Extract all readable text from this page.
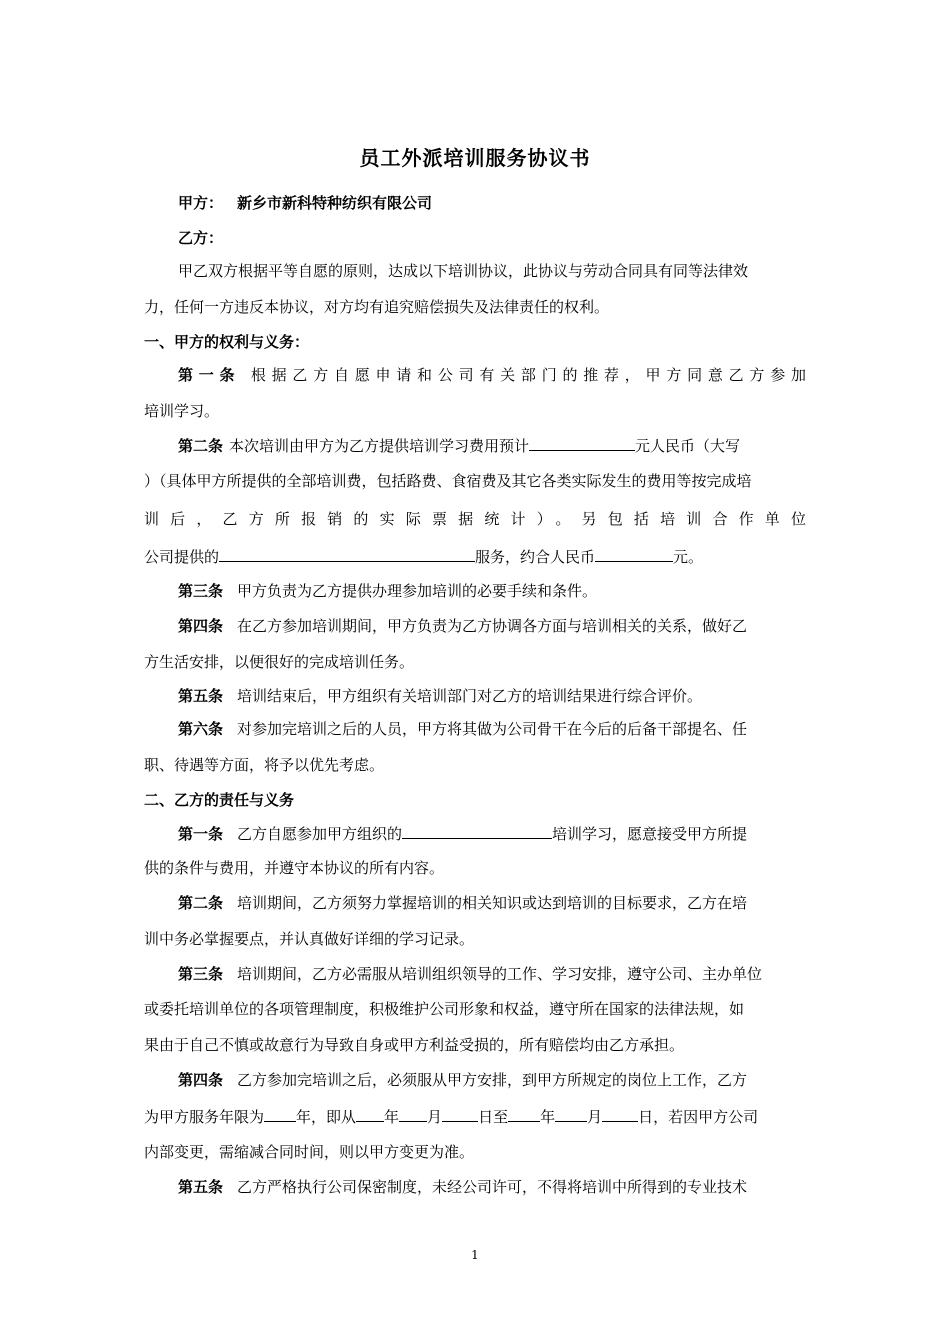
员工外派培训服务协议书
甲方： 新乡市新科特种纺织有限公司
乙方：
甲乙双方根据平等自愿的原则，达成以下培训协议，此协议与劳动合同具有同等法律效
力，任何一方违反本协议，对方均有追究赔偿损失及法律责任的权利。
一、甲方的权利与义务：
第一条 根据乙方自愿申请和公司有关部门的推荐，甲方同意乙方参加
培训学习。
第二条 本次培训由甲方为乙方提供培训学习费用预计	元人民币（大写
）（具体甲方所提供的全部培训费，包括路费、食宿费及其它各类实际发生的费用等按完成培
训后，乙方所报销的实际票据统计）。另包括培训合作单位
公司提供的	服务，约合人民币	元。
第三条 甲方负责为乙方提供办理参加培训的必要手续和条件。
第四条 在乙方参加培训期间，甲方负责为乙方协调各方面与培训相关的关系，做好乙
方生活安排，以便很好的完成培训任务。
第五条 培训结束后，甲方组织有关培训部门对乙方的培训结果进行综合评价。
第六条 对参加完培训之后的人员，甲方将其做为公司骨干在今后的后备干部提名、任
职、待遇等方面，将予以优先考虑。
二、乙方的责任与义务
第一条 乙方自愿参加甲方组织的	培训学习，愿意接受甲方所提
供的条件与费用，并遵守本协议的所有内容。
第二条 培训期间，乙方须努力掌握培训的相关知识或达到培训的目标要求，乙方在培
训中务必掌握要点，并认真做好详细的学习记录。
第三条 培训期间，乙方必需服从培训组织领导的工作、学习安排，遵守公司、主办单位
或委托培训单位的各项管理制度，积极维护公司形象和权益，遵守所在国家的法律法规，如
果由于自己不慎或故意行为导致自身或甲方利益受损的，所有赔偿均由乙方承担。
第四条 乙方参加完培训之后，必须服从甲方安排，到甲方所规定的岗位上工作，乙方
为甲方服务年限为 年，即从 年 月 日至 年 月 日，若因甲方公司
内部变更，需缩减合同时间，则以甲方变更为准。
第五条 乙方严格执行公司保密制度，未经公司许可，不得将培训中所得到的专业技术
1
